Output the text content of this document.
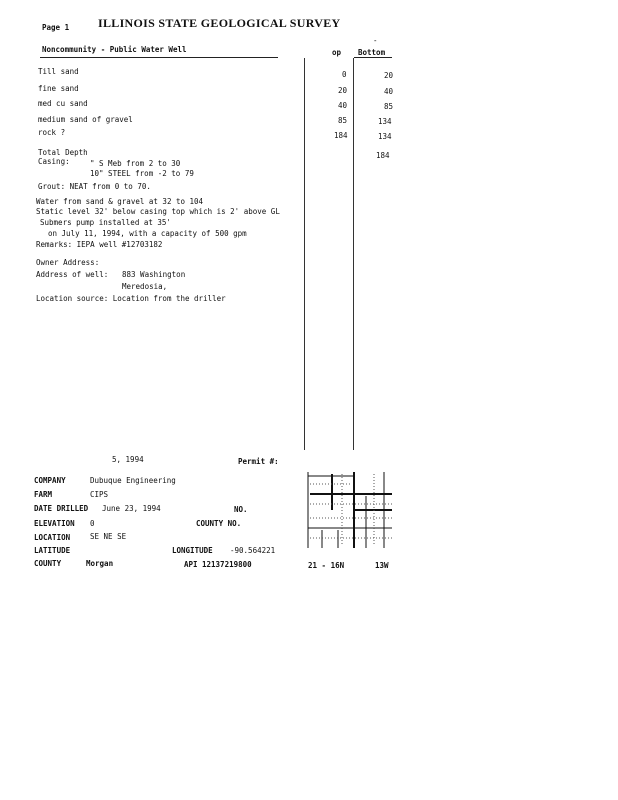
Page 1 ILLINOIS STATE GEOLOGICAL SURVEY
Noncommunity - Public Water Well	op Bottom
-
Till sand	0	20
fine sand	20	40
med cu sand	40	85
medium sand of gravel	85	134
rock ?	184	134
Total Depth	184
Casing:	" S Meb from 2 to 30
10" STEEL from -2 to 79
Grout: NEAT from 0 to 70.
Water from sand & gravel at 32 to 104
Static level 32' below casing top which is 2' above GL
Submers pump installed at 35'
on July 11, 1994, with a capacity of 500 gpm
Remarks: IEPA well #12703182
Owner Address:
Address of well: 883 Washington
Meredosia,
Location source: Location from the driller
5, 1994	Permit #:
COMPANY	Dubuque Engineering
FARM	CIPS
DATE DRILLED June 23, 1994	NO.
ELEVATION 0	COUNTY NO.
LOCATION	SE NE SE
LATITUDE	LONGITUDE -90.564221
COUNTY	Morgan	API 12137219800	21 - 16N	13W
